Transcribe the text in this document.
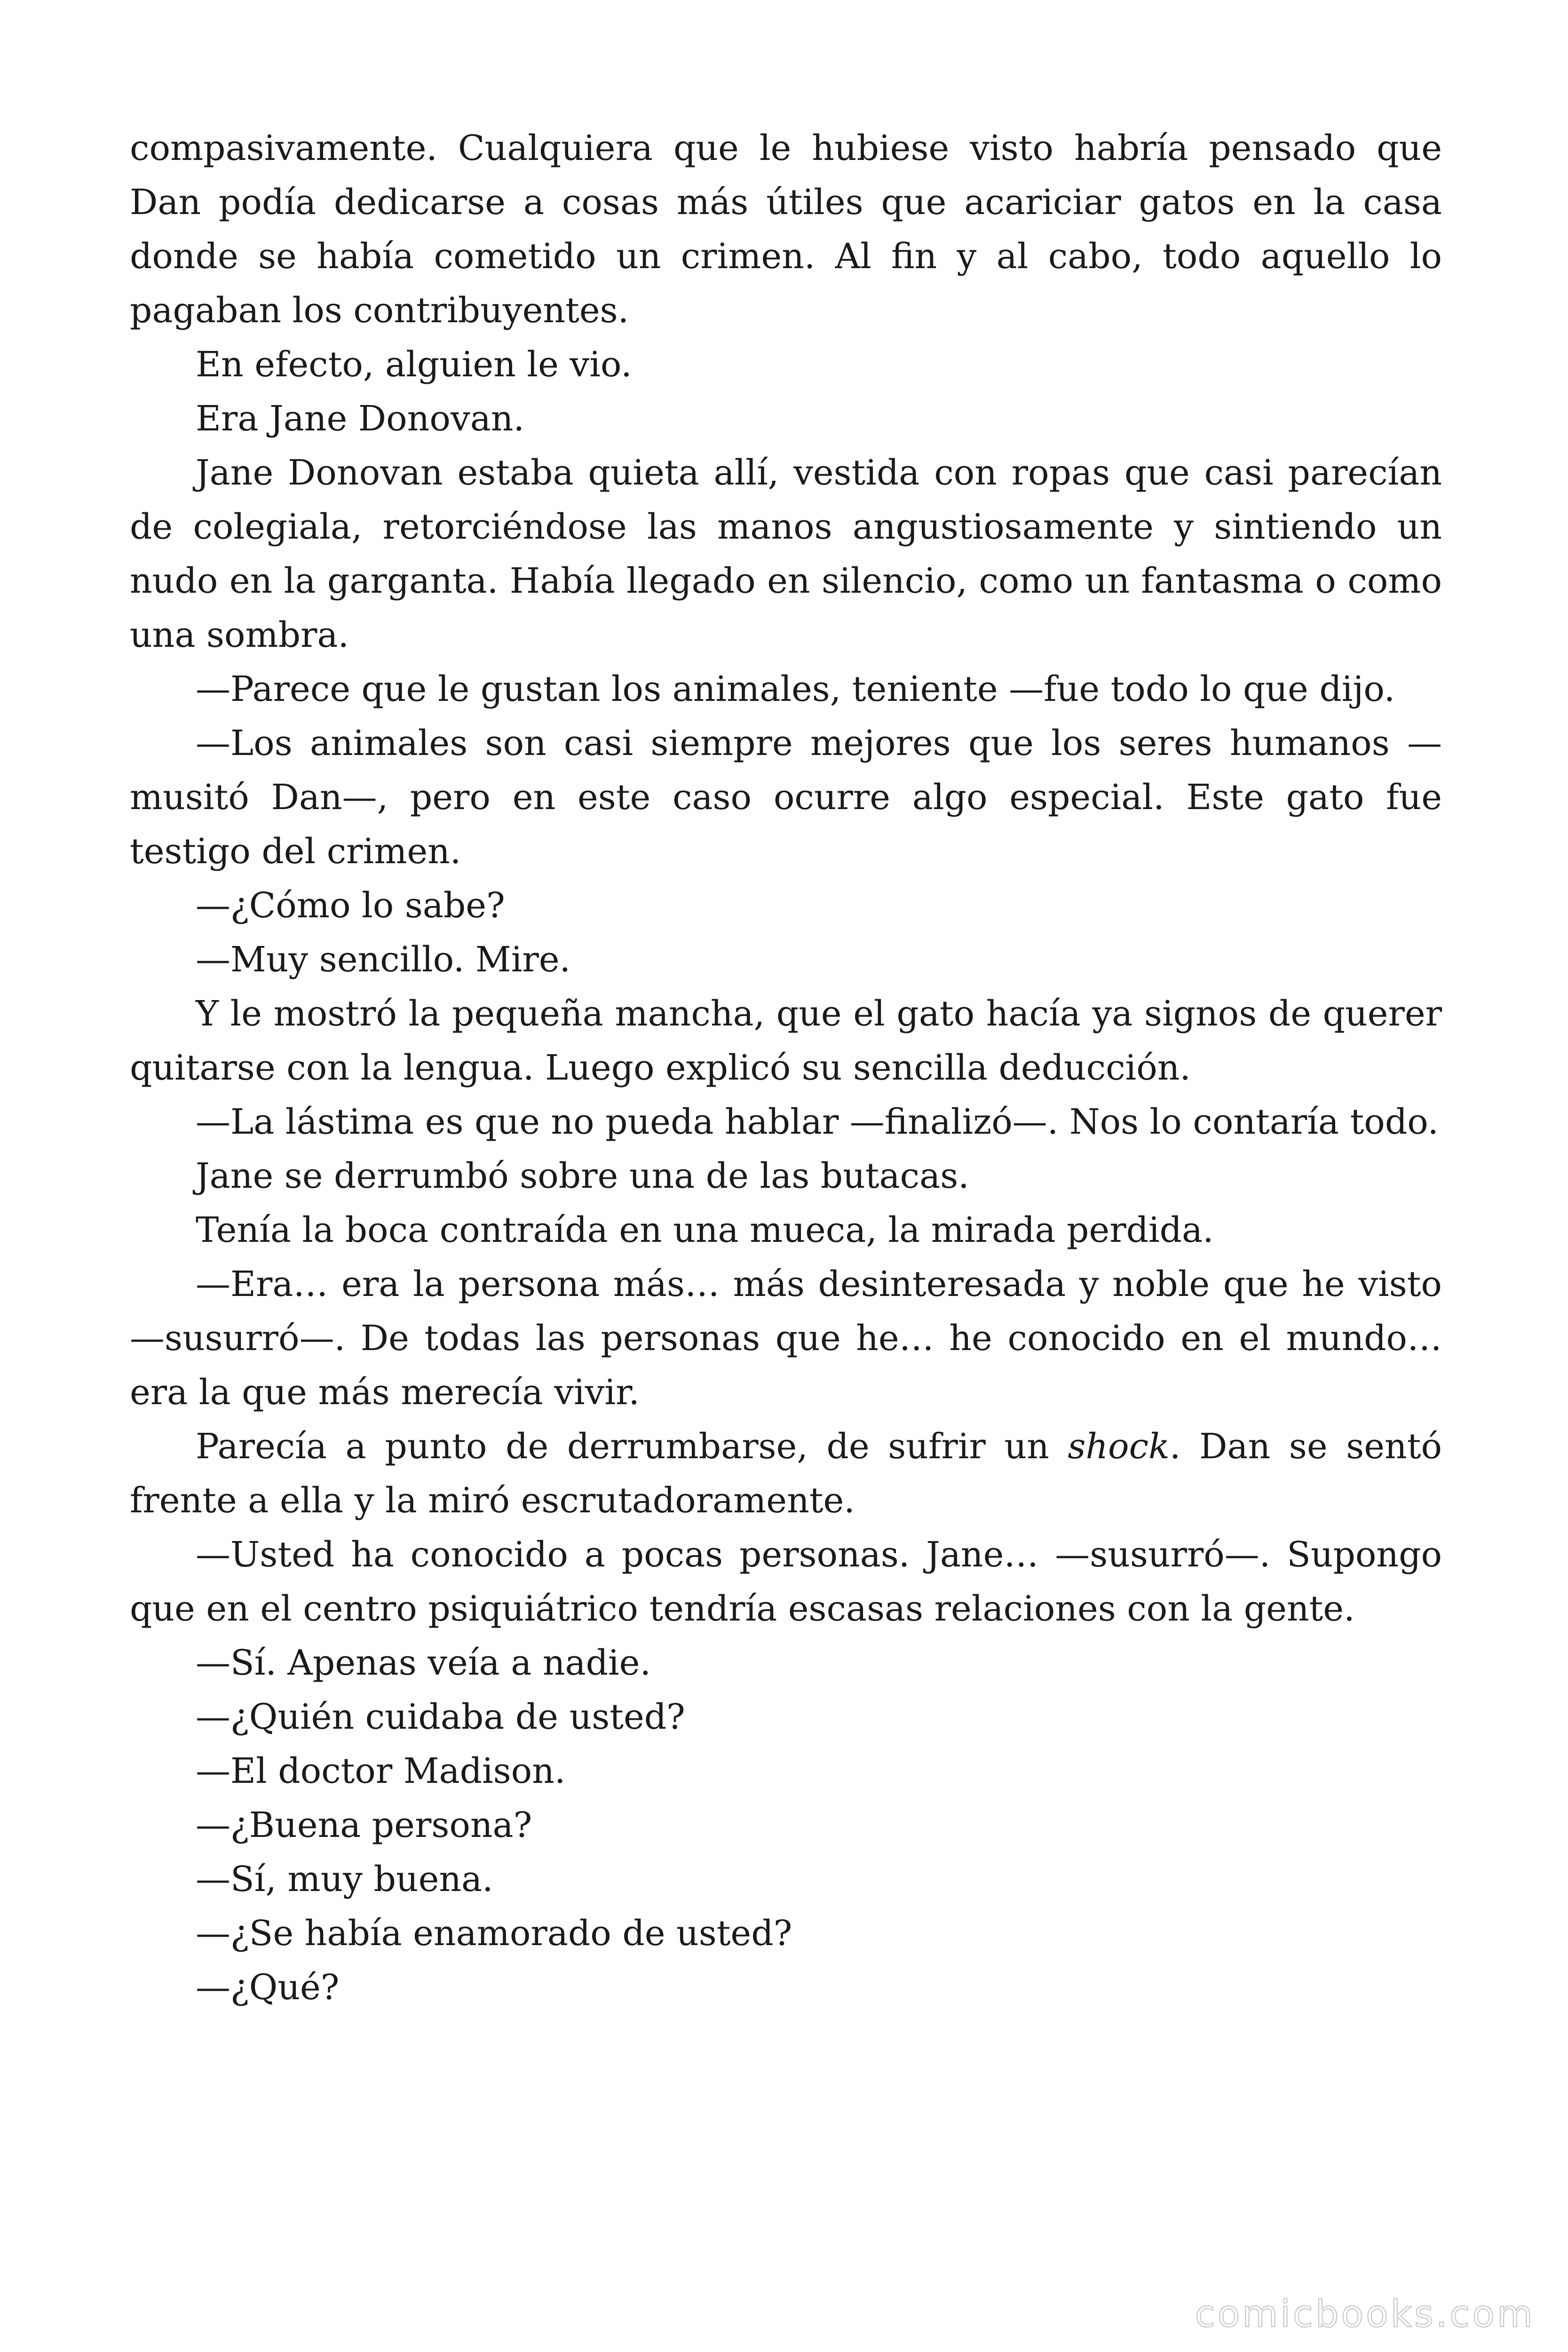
compasivamente. Cualquiera que le hubiese visto habría pensado que Dan podía dedicarse a cosas más útiles que acariciar gatos en la casa donde se había cometido un crimen. Al fin y al cabo, todo aquello lo pagaban los contribuyentes.

En efecto, alguien le vio.

Era Jane Donovan.

Jane Donovan estaba quieta allí, vestida con ropas que casi parecían de colegiala, retorciéndose las manos angustiosamente y sintiendo un nudo en la garganta. Había llegado en silencio, como un fantasma o como una sombra.

—Parece que le gustan los animales, teniente —fue todo lo que dijo.

—Los animales son casi siempre mejores que los seres humanos —musitó Dan—, pero en este caso ocurre algo especial. Este gato fue testigo del crimen.

—¿Cómo lo sabe?

—Muy sencillo. Mire.

Y le mostró la pequeña mancha, que el gato hacía ya signos de querer quitarse con la lengua. Luego explicó su sencilla deducción.

—La lástima es que no pueda hablar —finalizó—. Nos lo contaría todo.

Jane se derrumbó sobre una de las butacas.

Tenía la boca contraída en una mueca, la mirada perdida.

—Era… era la persona más… más desinteresada y noble que he visto —susurró—. De todas las personas que he… he conocido en el mundo… era la que más merecía vivir.

Parecía a punto de derrumbarse, de sufrir un shock. Dan se sentó frente a ella y la miró escrutadoramente.

—Usted ha conocido a pocas personas. Jane… —susurró—. Supongo que en el centro psiquiátrico tendría escasas relaciones con la gente.

—Sí. Apenas veía a nadie.

—¿Quién cuidaba de usted?

—El doctor Madison.

—¿Buena persona?

—Sí, muy buena.

—¿Se había enamorado de usted?

—¿Qué?

comicbooks.com
